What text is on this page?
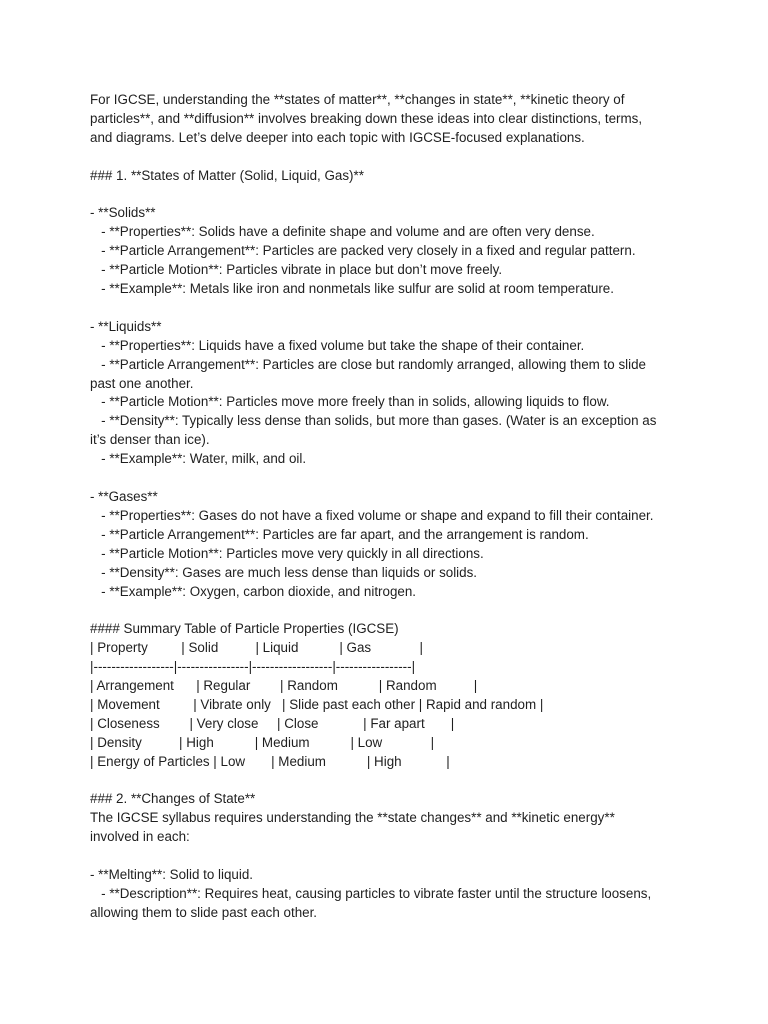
For IGCSE, understanding the **states of matter**, **changes in state**, **kinetic theory of
particles**, and **diffusion** involves breaking down these ideas into clear distinctions, terms,
and diagrams. Let’s delve deeper into each topic with IGCSE-focused explanations.
### 1. **States of Matter (Solid, Liquid, Gas)**
- **Solids**
- **Properties**: Solids have a definite shape and volume and are often very dense.
- **Particle Arrangement**: Particles are packed very closely in a fixed and regular pattern.
- **Particle Motion**: Particles vibrate in place but don’t move freely.
- **Example**: Metals like iron and nonmetals like sulfur are solid at room temperature.
- **Liquids**
- **Properties**: Liquids have a fixed volume but take the shape of their container.
- **Particle Arrangement**: Particles are close but randomly arranged, allowing them to slide
past one another.
- **Particle Motion**: Particles move more freely than in solids, allowing liquids to flow.
- **Density**: Typically less dense than solids, but more than gases. (Water is an exception as
it’s denser than ice).
- **Example**: Water, milk, and oil.
- **Gases**
- **Properties**: Gases do not have a fixed volume or shape and expand to fill their container.
- **Particle Arrangement**: Particles are far apart, and the arrangement is random.
- **Particle Motion**: Particles move very quickly in all directions.
- **Density**: Gases are much less dense than liquids or solids.
- **Example**: Oxygen, carbon dioxide, and nitrogen.
#### Summary Table of Particle Properties (IGCSE)
| Property         | Solid          | Liquid           | Gas             |
|------------------|----------------|------------------|-----------------|
| Arrangement      | Regular        | Random           | Random          |
| Movement         | Vibrate only   | Slide past each other | Rapid and random |
| Closeness        | Very close     | Close            | Far apart       |
| Density          | High           | Medium           | Low             |
| Energy of Particles | Low       | Medium           | High            |
### 2. **Changes of State**
The IGCSE syllabus requires understanding the **state changes** and **kinetic energy**
involved in each:
- **Melting**: Solid to liquid.
- **Description**: Requires heat, causing particles to vibrate faster until the structure loosens,
allowing them to slide past each other.
